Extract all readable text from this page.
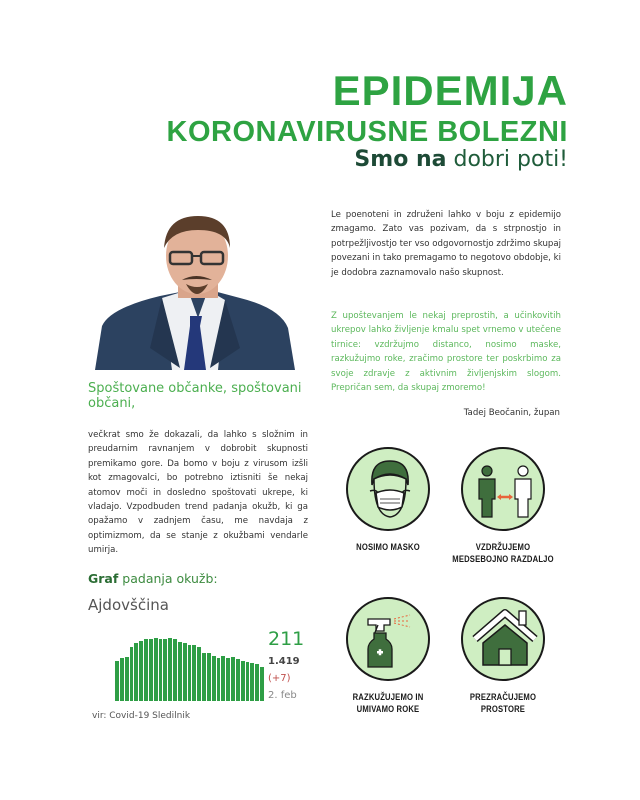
EPIDEMIJA
KORONAVIRUSNE BOLEZNI
Smo na dobri poti!
Spoštovane občanke, spoštovani občani,
večkrat smo že dokazali, da lahko s složnim in preudarnim ravnanjem v dobrobit skupnosti premikamo gore. Da bomo v boju z virusom izšli kot zmagovalci, bo potrebno iztisniti še nekaj atomov moči in dosledno spoštovati ukrepe, ki vladajo. Vzpodbuden trend padanja okužb, ki ga opažamo v zadnjem času, me navdaja z optimizmom, da se stanje z okužbami vendarle umirja.
Le poenoteni in združeni lahko v boju z epidemijo zmagamo. Zato vas pozivam, da s strpnostjo in potrpežljivostjo ter vso odgovornostjo zdržimo skupaj povezani in tako premagamo to negotovo obdobje, ki je dodobra zaznamovalo našo skupnost.
Z upoštevanjem le nekaj preprostih, a učinkovitih ukrepov lahko življenje kmalu spet vrnemo v utečene tirnice: vzdržujmo distanco, nosimo maske, razkužujmo roke, zračimo prostore ter poskrbimo za svoje zdravje z aktivnim življenjskim slogom. Prepričan sem, da skupaj zmoremo!
Tadej Beočanin, župan
Graf padanja okužb:
Ajdovščina
211
1.419
(+7)
2. feb
vir: Covid-19 Sledilnik
NOSIMO MASKO	VZDRŽUJEMO MEDSEBOJNO RAZDALJO
RAZKUŽUJEMO IN UMIVAMO ROKE
PREZRAČUJEMO PROSTORE
